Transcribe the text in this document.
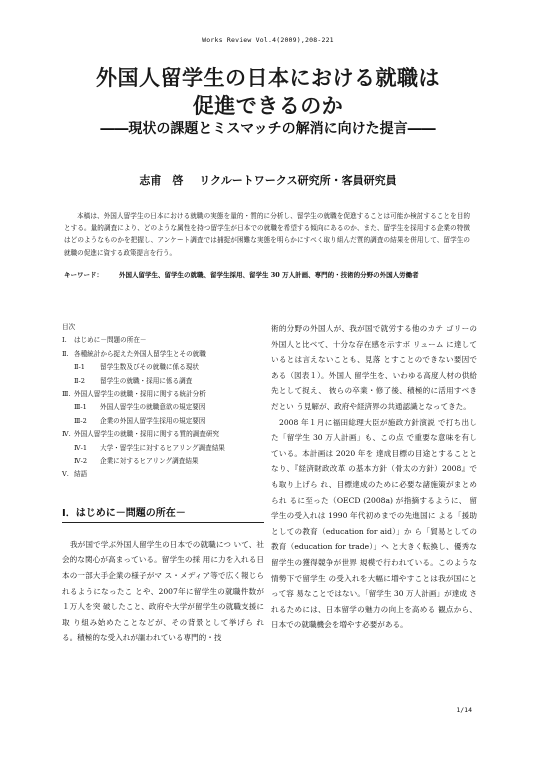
Works Review Vol.4(2009),208-221
外国人留学生の日本における就職は
促進できるのか
――現状の課題とミスマッチの解消に向けた提言――
志甫　啓 リクルートワークス研究所・客員研究員

本稿は、外国人留学生の日本における就職の実態を量的・質的に分析し、留学生の就職を促進することは可能か検討することを目的とする。量的調査により、どのような属性を持つ留学生が日本での就職を希望する傾向にあるのか、また、留学生を採用する企業の特徴はどのようなものかを把握し、アンケート調査では捕捉が困難な実態を明らかにすべく取り組んだ質的調査の結果を併用して、留学生の就職の促進に資する政策提言を行う。

キーワード： 外国人留学生、留学生の就職、留学生採用、留学生 30 万人計画、専門的・技術的分野の外国人労働者
目次
Ⅰ. はじめに－問題の所在－
Ⅱ. 各種統計から捉えた外国人留学生とその就職
Ⅱ-1 留学生数及びその就職に係る現状
Ⅱ-2 留学生の就職・採用に係る調査
Ⅲ. 外国人留学生の就職・採用に関する統計分析
Ⅲ-1 外国人留学生の就職意欲の規定要因
Ⅲ-2 企業の外国人留学生採用の規定要因
Ⅳ. 外国人留学生の就職・採用に関する質的調査研究
Ⅳ-1 大学・留学生に対するヒアリング調査結果
Ⅳ-2 企業に対するヒアリング調査結果
Ⅴ. 結語
Ⅰ．はじめに－問題の所在－

我が国で学ぶ外国人留学生の日本での就職につ いて、社会的な関心が高まっている。留学生の採 用に力を入れる日本の一部大手企業の様子がマ ス・メディア等で広く報じられるようになったこ とや、2007年に留学生の就職件数が１万人を突 破したこと、政府や大学が留学生の就職支援に取 り組み始めたことなどが、その背景として挙げら れる。積極的な受入れが謳われている専門的・技

術的分野の外国人が、我が国で就労する他のカテ ゴリーの外国人と比べて、十分な存在感を示すボ リューム に達しているとは言えないことも、見落 とすことのできない要因である（図表１）。外国人 留学生を、いわゆる高度人材の供給先として捉え、 彼らの卒業・修了後、積極的に活用すべきだとい う見解が、政府や経済界の共通認識となってきた。

2008 年１月に福田総理大臣が施政方針演説 で打ち出した「留学生 30 万人計画」も、この点 で重要な意味を有している。本計画は 2020 年を 達成目標の目途とすることとなり、『経済財政改革 の基本方針（骨太の方針）2008』でも取り上げら れ、目標達成のために必要な諸施策がまとめられ るに至った（OECD (2008a) が指摘するように、 留学生の受入れは 1990 年代初めまでの先進国に よる「援助としての教育（education for aid）」か ら「貿易としての教育（education for trade）」へ と大きく転換し、優秀な留学生の獲得競争が世界 規模で行われている。このような情勢下で留学生 の受入れを大幅に増やすことは我が国にとって容 易なことではない。「留学生 30 万人計画」が達成 されるためには、日本留学の魅力の向上を高める 観点から、日本での就職機会を増やす必要がある。

1/14
